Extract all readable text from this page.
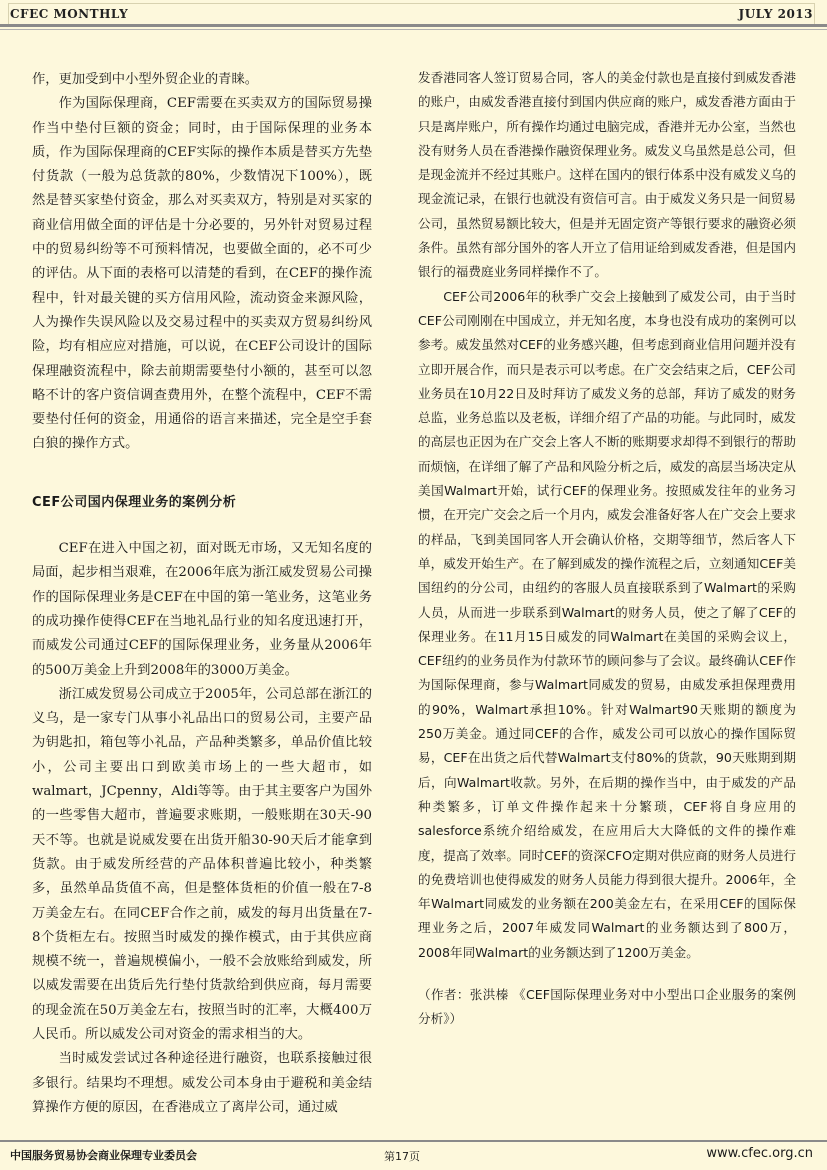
CFEC MONTHLY	JULY 2013

作，更加受到中小型外贸企业的青睐。

作为国际保理商，CEF需要在买卖双方的国际贸易操作当中垫付巨额的资金；同时，由于国际保理的业务本质，作为国际保理商的CEF实际的操作本质是替买方先垫付货款（一般为总货款的80%，少数情况下100%），既然是替买家垫付资金，那么对买卖双方，特别是对买家的商业信用做全面的评估是十分必要的，另外针对贸易过程中的贸易纠纷等不可预料情况，也要做全面的，必不可少的评估。从下面的表格可以清楚的看到，在CEF的操作流程中，针对最关键的买方信用风险，流动资金来源风险，人为操作失误风险以及交易过程中的买卖双方贸易纠纷风险，均有相应应对措施，可以说，在CEF公司设计的国际保理融资流程中，除去前期需要垫付小额的，甚至可以忽略不计的客户资信调查费用外，在整个流程中，CEF不需要垫付任何的资金，用通俗的语言来描述，完全是空手套白狼的操作方式。

CEF公司国内保理业务的案例分析

CEF在进入中国之初，面对既无市场，又无知名度的局面，起步相当艰难，在2006年底为浙江威发贸易公司操作的国际保理业务是CEF在中国的第一笔业务，这笔业务的成功操作使得CEF在当地礼品行业的知名度迅速打开，而威发公司通过CEF的国际保理业务，业务量从2006年的500万美金上升到2008年的3000万美金。

浙江威发贸易公司成立于2005年，公司总部在浙江的义乌，是一家专门从事小礼品出口的贸易公司，主要产品为钥匙扣，箱包等小礼品，产品种类繁多，单品价值比较小，公司主要出口到欧美市场上的一些大超市，如walmart，JCpenny，Aldi等等。由于其主要客户为国外的一些零售大超市，普遍要求账期，一般账期在30天-90天不等。也就是说威发要在出货开船30-90天后才能拿到货款。由于威发所经营的产品体积普遍比较小，种类繁多，虽然单品货值不高，但是整体货柜的价值一般在7-8万美金左右。在同CEF合作之前，威发的每月出货量在7-8个货柜左右。按照当时威发的操作模式，由于其供应商规模不统一，普遍规模偏小，一般不会放账给到威发，所以威发需要在出货后先行垫付货款给到供应商，每月需要的现金流在50万美金左右，按照当时的汇率，大概400万人民币。所以威发公司对资金的需求相当的大。

当时威发尝试过各种途径进行融资，也联系接触过很多银行。结果均不理想。威发公司本身由于避税和美金结算操作方便的原因，在香港成立了离岸公司，通过威

发香港同客人签订贸易合同，客人的美金付款也是直接付到威发香港的账户，由威发香港直接付到国内供应商的账户，威发香港方面由于只是离岸账户，所有操作均通过电脑完成，香港并无办公室，当然也没有财务人员在香港操作融资保理业务。威发义乌虽然是总公司，但是现金流并不经过其账户。这样在国内的银行体系中没有威发义乌的现金流记录，在银行也就没有资信可言。由于威发义务只是一间贸易公司，虽然贸易额比较大，但是并无固定资产等银行要求的融资必须条件。虽然有部分国外的客人开立了信用证给到威发香港，但是国内银行的福费庭业务同样操作不了。

CEF公司2006年的秋季广交会上接触到了威发公司，由于当时CEF公司刚刚在中国成立，并无知名度，本身也没有成功的案例可以参考。威发虽然对CEF的业务感兴趣，但考虑到商业信用问题并没有立即开展合作，而只是表示可以考虑。在广交会结束之后，CEF公司业务员在10月22日及时拜访了威发义务的总部，拜访了威发的财务总监，业务总监以及老板，详细介绍了产品的功能。与此同时，威发的高层也正因为在广交会上客人不断的账期要求却得不到银行的帮助而烦恼，在详细了解了产品和风险分析之后，威发的高层当场决定从美国Walmart开始，试行CEF的保理业务。按照威发往年的业务习惯，在开完广交会之后一个月内，威发会准备好客人在广交会上要求的样品，飞到美国同客人开会确认价格，交期等细节，然后客人下单，威发开始生产。在了解到威发的操作流程之后，立刻通知CEF美国纽约的分公司，由纽约的客服人员直接联系到了Walmart的采购人员，从而进一步联系到Walmart的财务人员，使之了解了CEF的保理业务。在11月15日威发的同Walmart在美国的采购会议上，CEF纽约的业务员作为付款环节的顾问参与了会议。最终确认CEF作为国际保理商，参与Walmart同威发的贸易，由威发承担保理费用的90%，Walmart承担10%。针对Walmart90天账期的额度为250万美金。通过同CEF的合作，威发公司可以放心的操作国际贸易，CEF在出货之后代替Walmart支付80%的货款，90天账期到期后，向Walmart收款。另外，在后期的操作当中，由于威发的产品种类繁多，订单文件操作起来十分繁琐，CEF将自身应用的salesforce系统介绍给威发，在应用后大大降低的文件的操作难度，提高了效率。同时CEF的资深CFO定期对供应商的财务人员进行的免费培训也使得威发的财务人员能力得到很大提升。2006年，全年Walmart同威发的业务额在200美金左右，在采用CEF的国际保理业务之后，2007年威发同Walmart的业务额达到了800万，2008年同Walmart的业务额达到了1200万美金。

（作者：张洪榛 《CEF国际保理业务对中小型出口企业服务的案例分析》）

中国服务贸易协会商业保理专业委员会	第17页	www.cfec.org.cn
